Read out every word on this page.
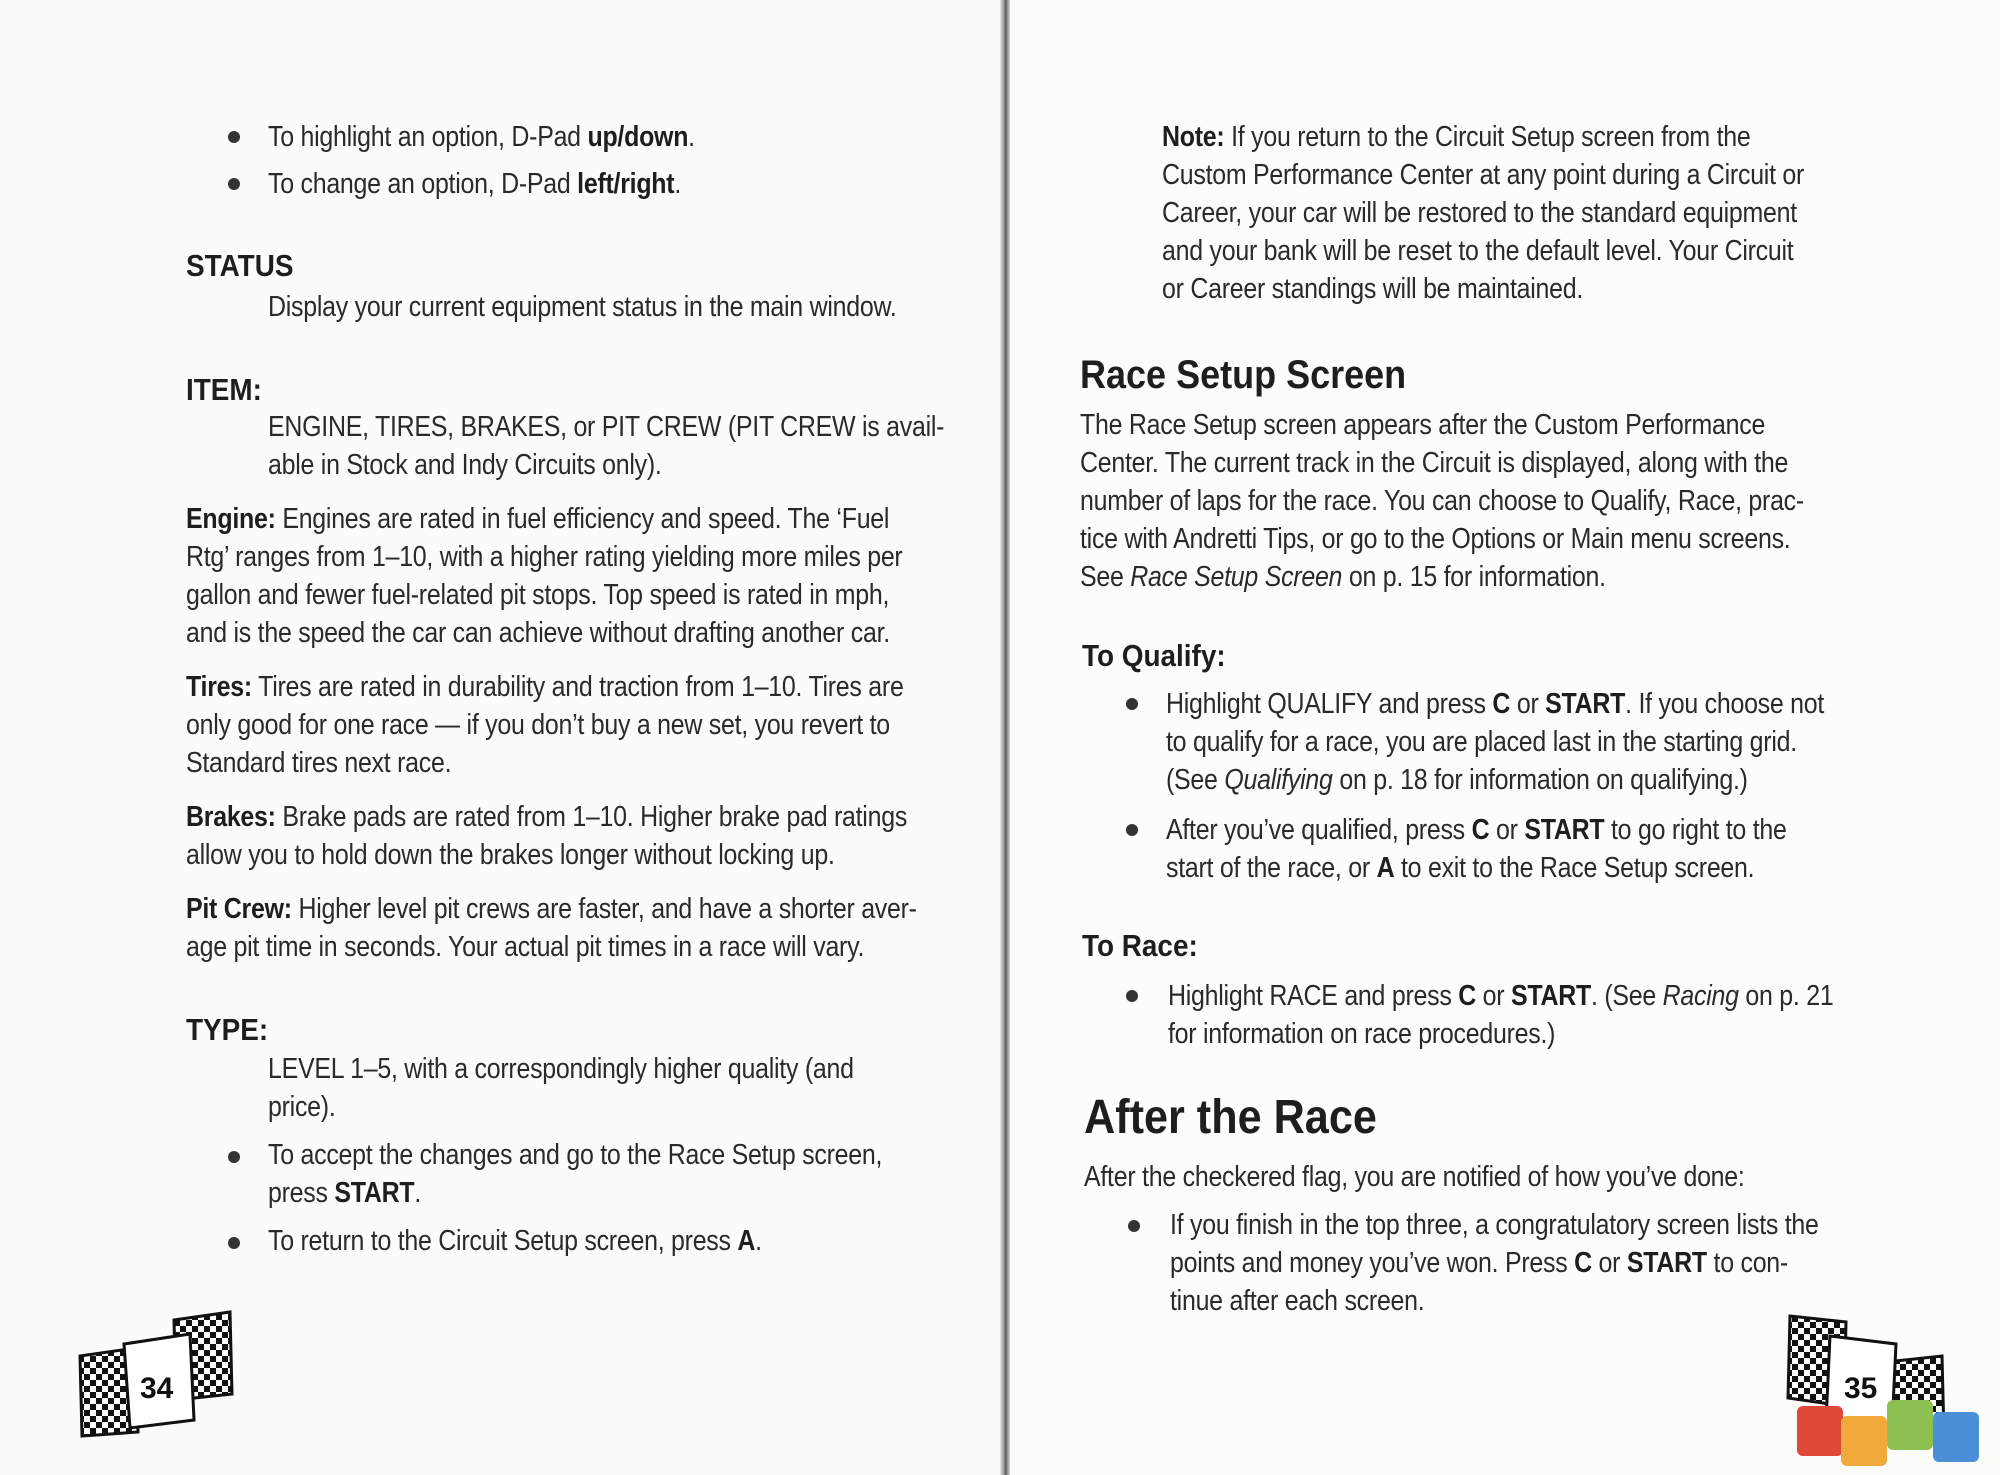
To highlight an option, D-Pad up/down.

To change an option, D-Pad left/right.

STATUS

Display your current equipment status in the main window.

ITEM:

ENGINE, TIRES, BRAKES, or PIT CREW (PIT CREW is avail-

able in Stock and Indy Circuits only).

Engine: Engines are rated in fuel efficiency and speed. The ‘Fuel

Rtg’ ranges from 1–10, with a higher rating yielding more miles per

gallon and fewer fuel-related pit stops. Top speed is rated in mph,

and is the speed the car can achieve without drafting another car.

Tires: Tires are rated in durability and traction from 1–10. Tires are

only good for one race — if you don’t buy a new set, you revert to

Standard tires next race.

Brakes: Brake pads are rated from 1–10. Higher brake pad ratings

allow you to hold down the brakes longer without locking up.

Pit Crew: Higher level pit crews are faster, and have a shorter aver-

age pit time in seconds. Your actual pit times in a race will vary.

TYPE:

LEVEL 1–5, with a correspondingly higher quality (and

price).

To accept the changes and go to the Race Setup screen,

press START.

To return to the Circuit Setup screen, press A.

34

Note: If you return to the Circuit Setup screen from the

Custom Performance Center at any point during a Circuit or

Career, your car will be restored to the standard equipment

and your bank will be reset to the default level. Your Circuit

or Career standings will be maintained.

Race Setup Screen

The Race Setup screen appears after the Custom Performance

Center. The current track in the Circuit is displayed, along with the

number of laps for the race. You can choose to Qualify, Race, prac-

tice with Andretti Tips, or go to the Options or Main menu screens.

See Race Setup Screen on p. 15 for information.

To Qualify:

Highlight QUALIFY and press C or START. If you choose not

to qualify for a race, you are placed last in the starting grid.

(See Qualifying on p. 18 for information on qualifying.)

After you’ve qualified, press C or START to go right to the

start of the race, or A to exit to the Race Setup screen.

To Race:

Highlight RACE and press C or START. (See Racing on p. 21

for information on race procedures.)

After the Race

After the checkered flag, you are notified of how you’ve done:

If you finish in the top three, a congratulatory screen lists the

points and money you’ve won. Press C or START to con-

tinue after each screen.

35
